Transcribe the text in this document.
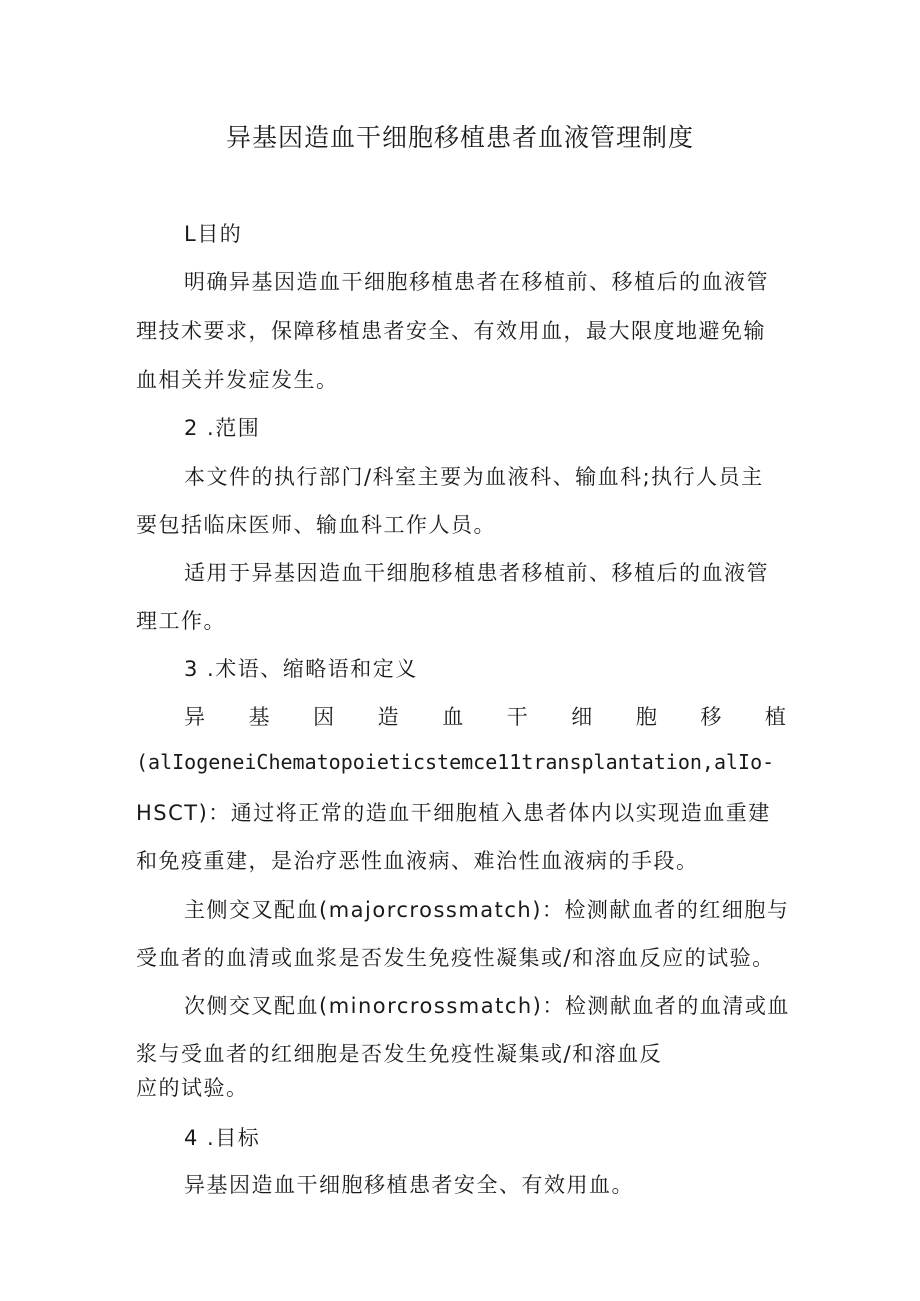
异基因造血干细胞移植患者血液管理制度
L目的
明确异基因造血干细胞移植患者在移植前、移植后的血液管
理技术要求，保障移植患者安全、有效用血，最大限度地避免输
血相关并发症发生。
2 .范围
本文件的执行部门/科室主要为血液科、输血科;执行人员主
要包括临床医师、输血科工作人员。
适用于异基因造血干细胞移植患者移植前、移植后的血液管
理工作。
3 .术语、缩略语和定义
异 基 因 造 血 干 细 胞 移 植
(alIogeneiChematopoieticstemce11transplantation,alIo-
HSCT)：通过将正常的造血干细胞植入患者体内以实现造血重建
和免疫重建，是治疗恶性血液病、难治性血液病的手段。
主侧交叉配血(majorcrossmatch)：检测献血者的红细胞与
受血者的血清或血浆是否发生免疫性凝集或/和溶血反应的试验。
次侧交叉配血(minorcrossmatch)：检测献血者的血清或血
浆与受血者的红细胞是否发生免疫性凝集或/和溶血反
应的试验。
4 .目标
异基因造血干细胞移植患者安全、有效用血。
